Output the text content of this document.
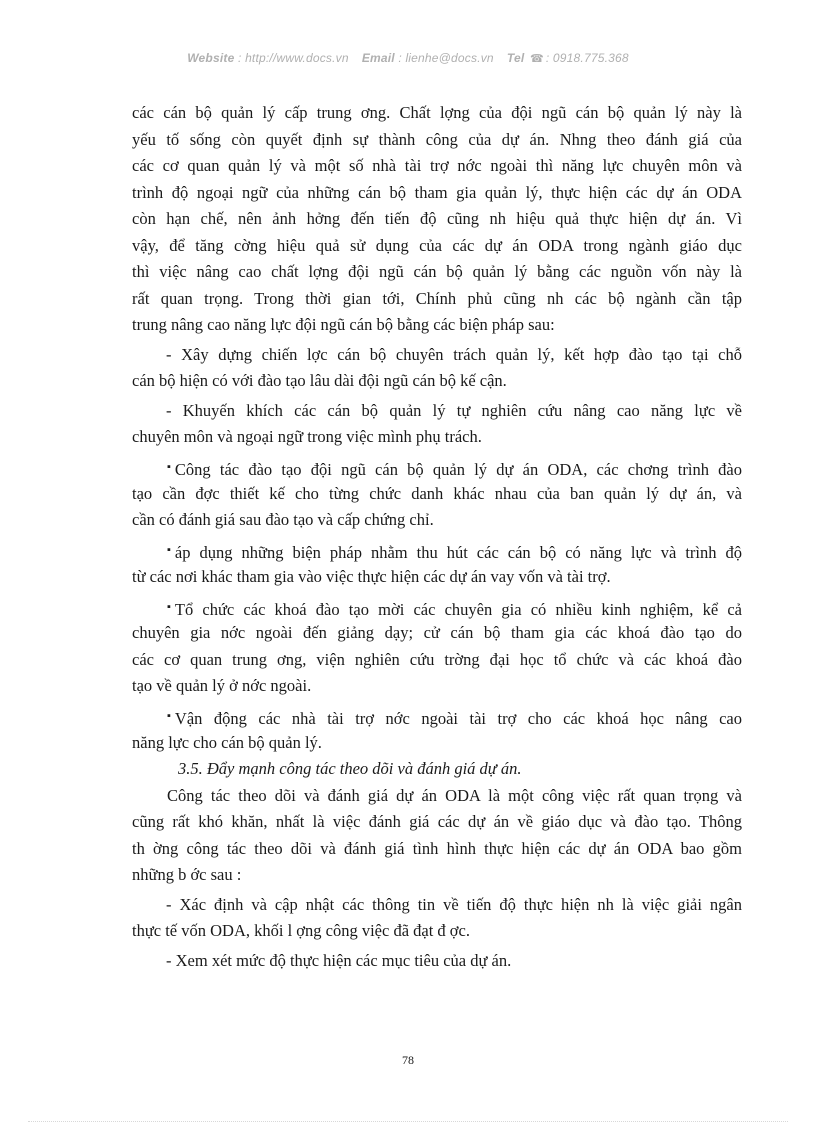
Website : http://www.docs.vn Email : lienhe@docs.vn Tel ☎ : 0918.775.368
các cán bộ quản lý cấp trung ơng. Chất lợng của đội ngũ cán bộ quản lý này là
yếu tố sống còn quyết định sự thành công của dự án. Nhng theo đánh giá của
các cơ quan quản lý và một số nhà tài trợ nớc ngoài thì năng lực chuyên môn và
trình độ ngoại ngữ của những cán bộ tham gia quản lý, thực hiện các dự án ODA
còn hạn chế, nên ảnh hởng đến tiến độ cũng nh hiệu quả thực hiện dự án. Vì
vậy, để tăng cờng hiệu quả sử dụng của các dự án ODA trong ngành giáo dục
thì việc nâng cao chất lợng đội ngũ cán bộ quản lý bằng các nguồn vốn này là
rất quan trọng. Trong thời gian tới, Chính phủ cũng nh các bộ ngành cần tập
trung nâng cao năng lực đội ngũ cán bộ bằng các biện pháp sau:
- Xây dựng chiến lợc cán bộ chuyên trách quản lý, kết hợp đào tạo tại chỗ
cán bộ hiện có với đào tạo lâu dài đội ngũ cán bộ kế cận.
- Khuyến khích các cán bộ quản lý tự nghiên cứu nâng cao năng lực về
chuyên môn và ngoại ngữ trong việc mình phụ trách.
▪ Công tác đào tạo đội ngũ cán bộ quản lý dự án ODA, các chơng trình đào
tạo cần đợc thiết kế cho từng chức danh khác nhau của ban quản lý dự án, và
cần có đánh giá sau đào tạo và cấp chứng chỉ.
▪ áp dụng những biện pháp nhằm thu hút các cán bộ có năng lực và trình độ
từ các nơi khác tham gia vào việc thực hiện các dự án vay vốn và tài trợ.
▪ Tổ chức các khoá đào tạo mời các chuyên gia có nhiều kinh nghiệm, kể cả
chuyên gia nớc ngoài đến giảng dạy; cử cán bộ tham gia các khoá đào tạo do
các cơ quan trung ơng, viện nghiên cứu trờng đại học tổ chức và các khoá đào
tạo về quản lý ở nớc ngoài.
▪ Vận động các nhà tài trợ nớc ngoài tài trợ cho các khoá học nâng cao
năng lực cho cán bộ quản lý.
3.5. Đẩy mạnh công tác theo dõi và đánh giá dự án.
Công tác theo dõi và đánh giá dự án ODA là một công việc rất quan trọng và
cũng rất khó khăn, nhất là việc đánh giá các dự án về giáo dục và đào tạo. Thông
th ờng công tác theo dõi và đánh giá tình hình thực hiện các dự án ODA bao gồm
những b ớc sau :
- Xác định và cập nhật các thông tin về tiến độ thực hiện nh là việc giải ngân
thực tế vốn ODA, khối l ợng công việc đã đạt đ ợc.
- Xem xét mức độ thực hiện các mục tiêu của dự án.
78
